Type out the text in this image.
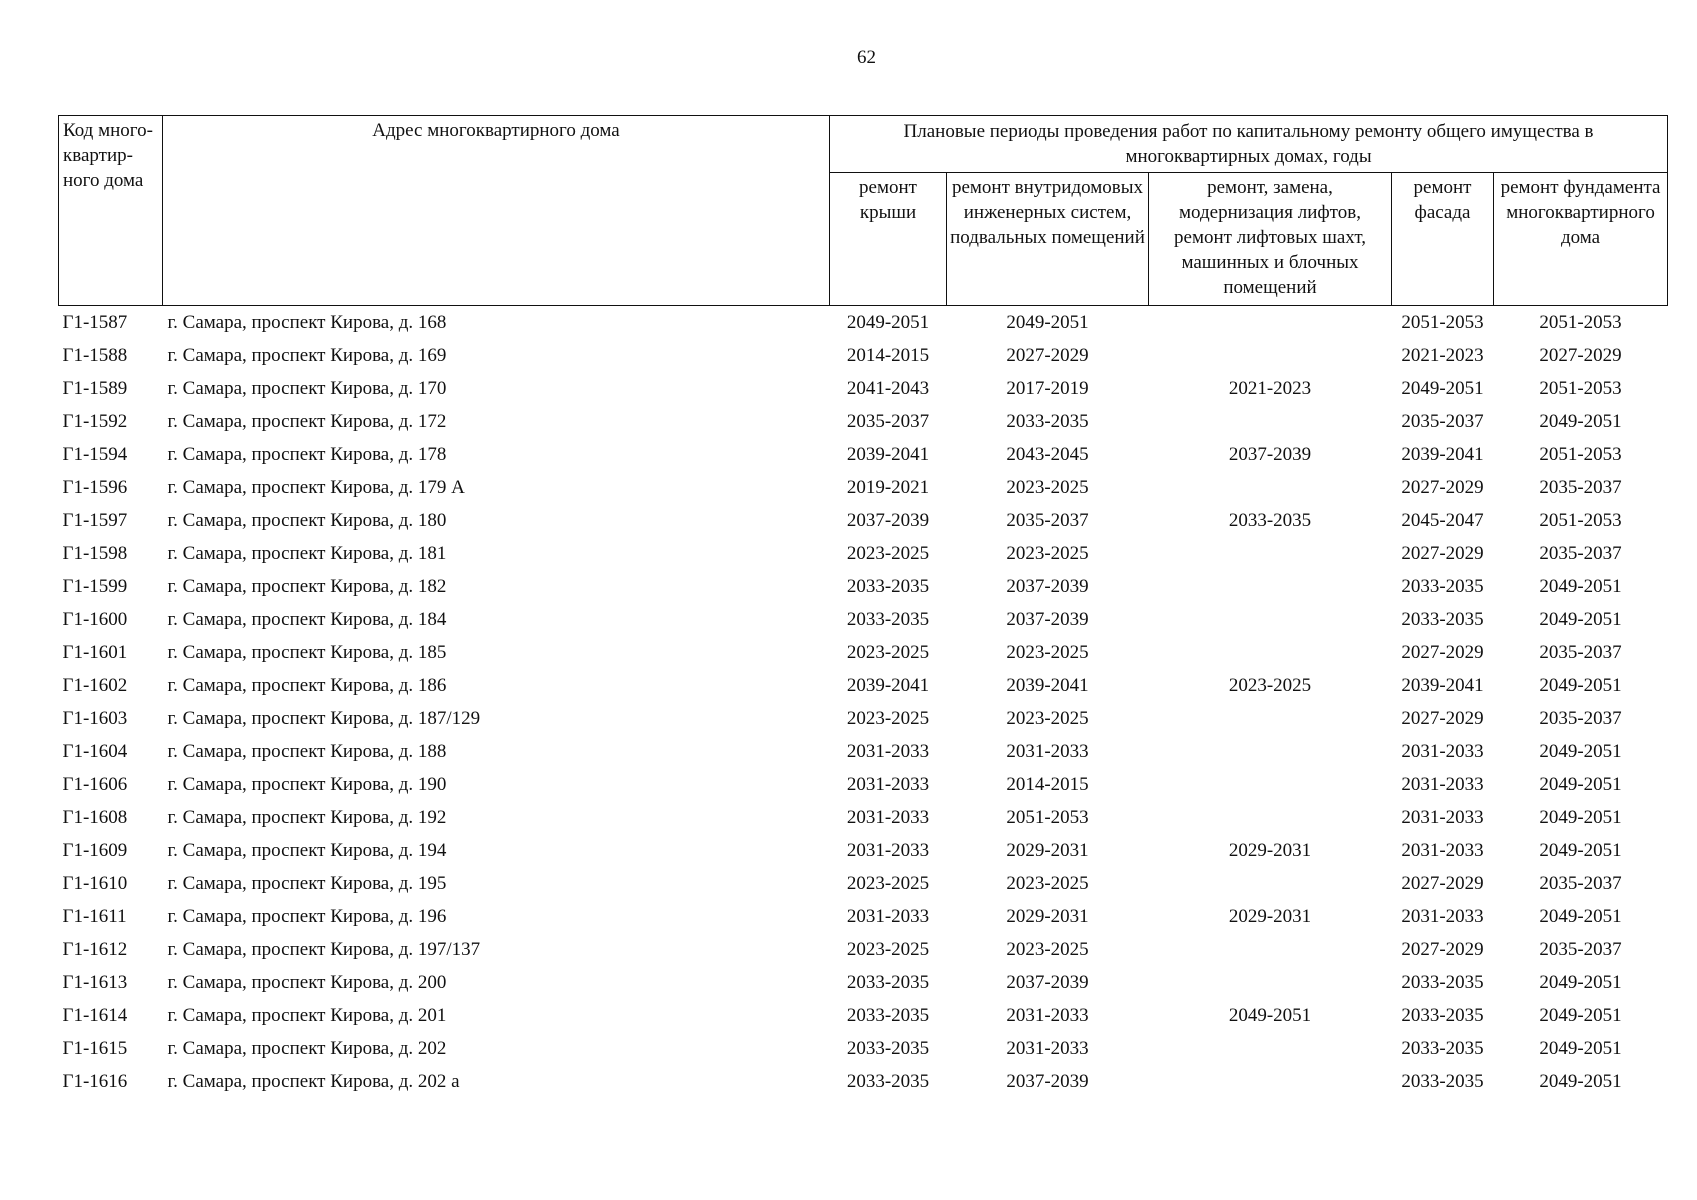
62
Код много-квартир-ного дома	Адрес многоквартирного дома	Плановые периоды проведения работ по капитальному ремонту общего имущества в многоквартирных домах, годы				
		ремонт крыши	ремонт внутридомовых инженерных систем, подвальных помещений	ремонт, замена, модернизация лифтов, ремонт лифтовых шахт, машинных и блочных помещений	ремонт фасада	ремонт фундамента многоквартирного дома
Г1-1587	г. Самара, проспект Кирова, д. 168	2049-2051	2049-2051		2051-2053	2051-2053
Г1-1588	г. Самара, проспект Кирова, д. 169	2014-2015	2027-2029		2021-2023	2027-2029
Г1-1589	г. Самара, проспект Кирова, д. 170	2041-2043	2017-2019	2021-2023	2049-2051	2051-2053
Г1-1592	г. Самара, проспект Кирова, д. 172	2035-2037	2033-2035		2035-2037	2049-2051
Г1-1594	г. Самара, проспект Кирова, д. 178	2039-2041	2043-2045	2037-2039	2039-2041	2051-2053
Г1-1596	г. Самара, проспект Кирова, д. 179 А	2019-2021	2023-2025		2027-2029	2035-2037
Г1-1597	г. Самара, проспект Кирова, д. 180	2037-2039	2035-2037	2033-2035	2045-2047	2051-2053
Г1-1598	г. Самара, проспект Кирова, д. 181	2023-2025	2023-2025		2027-2029	2035-2037
Г1-1599	г. Самара, проспект Кирова, д. 182	2033-2035	2037-2039		2033-2035	2049-2051
Г1-1600	г. Самара, проспект Кирова, д. 184	2033-2035	2037-2039		2033-2035	2049-2051
Г1-1601	г. Самара, проспект Кирова, д. 185	2023-2025	2023-2025		2027-2029	2035-2037
Г1-1602	г. Самара, проспект Кирова, д. 186	2039-2041	2039-2041	2023-2025	2039-2041	2049-2051
Г1-1603	г. Самара, проспект Кирова, д. 187/129	2023-2025	2023-2025		2027-2029	2035-2037
Г1-1604	г. Самара, проспект Кирова, д. 188	2031-2033	2031-2033		2031-2033	2049-2051
Г1-1606	г. Самара, проспект Кирова, д. 190	2031-2033	2014-2015		2031-2033	2049-2051
Г1-1608	г. Самара, проспект Кирова, д. 192	2031-2033	2051-2053		2031-2033	2049-2051
Г1-1609	г. Самара, проспект Кирова, д. 194	2031-2033	2029-2031	2029-2031	2031-2033	2049-2051
Г1-1610	г. Самара, проспект Кирова, д. 195	2023-2025	2023-2025		2027-2029	2035-2037
Г1-1611	г. Самара, проспект Кирова, д. 196	2031-2033	2029-2031	2029-2031	2031-2033	2049-2051
Г1-1612	г. Самара, проспект Кирова, д. 197/137	2023-2025	2023-2025		2027-2029	2035-2037
Г1-1613	г. Самара, проспект Кирова, д. 200	2033-2035	2037-2039		2033-2035	2049-2051
Г1-1614	г. Самара, проспект Кирова, д. 201	2033-2035	2031-2033	2049-2051	2033-2035	2049-2051
Г1-1615	г. Самара, проспект Кирова, д. 202	2033-2035	2031-2033		2033-2035	2049-2051
Г1-1616	г. Самара, проспект Кирова, д. 202 а	2033-2035	2037-2039		2033-2035	2049-2051
